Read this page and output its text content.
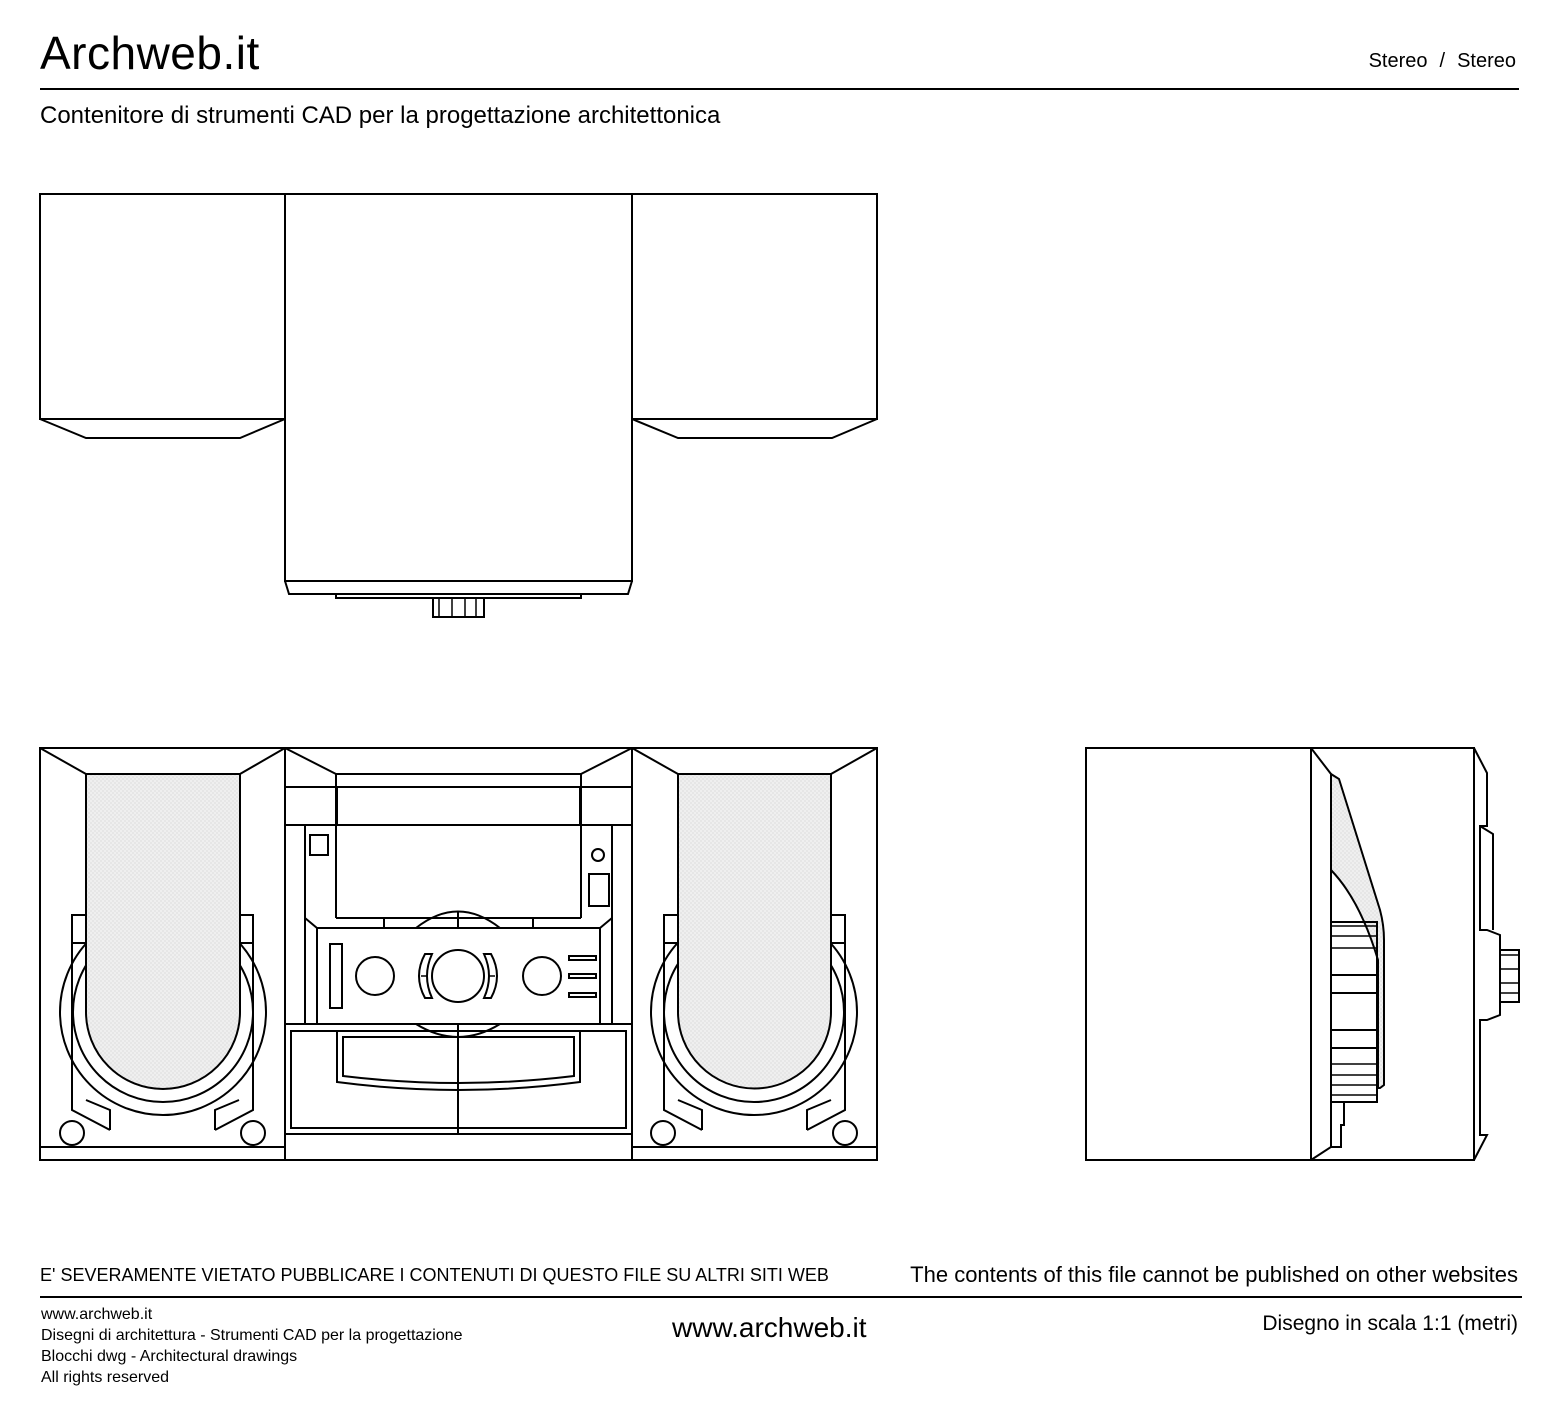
Archweb.it	Stereo / Stereo
Contenitore di strumenti CAD per la progettazione architettonica
E' SEVERAMENTE VIETATO PUBBLICARE I CONTENUTI DI QUESTO FILE SU ALTRI SITI WEB	The contents of this file cannot be published on other websites
www.archweb.it
Disegni di architettura - Strumenti CAD per la progettazione
Blocchi dwg - Architectural drawings
All rights reserved
www.archweb.it	Disegno in scala 1:1 (metri)
